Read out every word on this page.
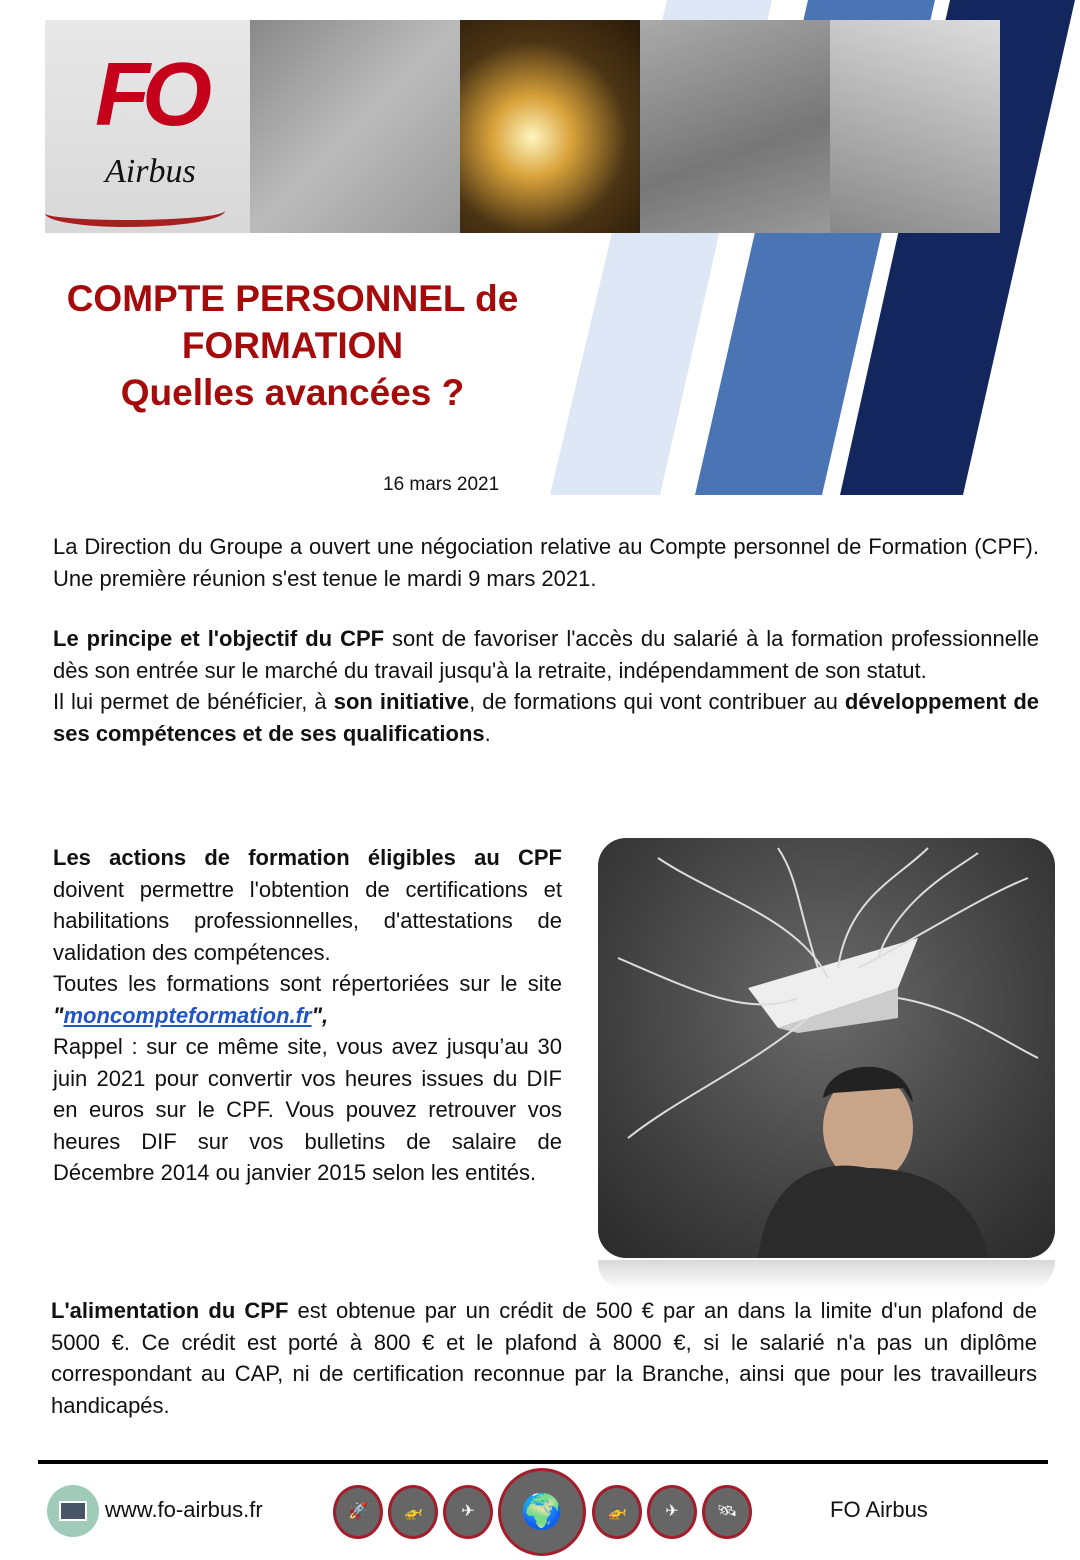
FO
Airbus
COMPTE PERSONNEL de
FORMATION
Quelles avancées ?
16 mars 2021

La Direction du Groupe a ouvert une négociation relative au Compte personnel de Formation (CPF). Une première réunion s'est tenue le mardi 9 mars 2021.

Le principe et l'objectif du CPF sont de favoriser l'accès du salarié à la formation professionnelle dès son entrée sur le marché du travail jusqu'à la retraite, indépendamment de son statut.
Il lui permet de bénéficier, à son initiative, de formations qui vont contribuer au développement de ses compétences et de ses qualifications.
Les actions de formation éligibles au CPF doivent permettre l'obtention de certifications et habilitations professionnelles, d'attestations de validation des compétences.
Toutes les formations sont répertoriées sur le site "moncompteformation.fr",
Rappel : sur ce même site, vous avez jusqu’au 30 juin 2021 pour convertir vos heures issues du DIF en euros sur le CPF. Vous pouvez retrouver vos heures DIF sur vos bulletins de salaire de Décembre 2014 ou janvier 2015 selon les entités.
L'alimentation du CPF est obtenue par un crédit de 500 € par an dans la limite d'un plafond de 5000 €. Ce crédit est porté à 800 € et le plafond à 8000 €, si le salarié n'a pas un diplôme correspondant au CAP, ni de certification reconnue par la Branche, ainsi que pour les travailleurs handicapés.
www.fo-airbus.fr	🚀	🚁	✈	🌍	🚁	✈	🛰	FO Airbus
